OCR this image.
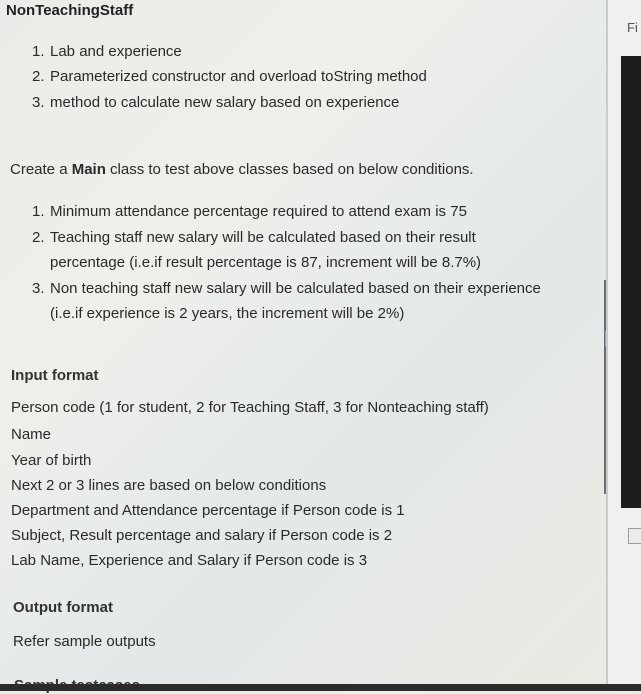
NonTeachingStaff
1. Lab and experience
2. Parameterized constructor and overload toString method
3. method to calculate new salary based on experience
Create a Main class to test above classes based on below conditions.
1. Minimum attendance percentage required to attend exam is 75
2. Teaching staff new salary will be calculated based on their result
percentage (i.e.if result percentage is 87, increment will be 8.7%)
3. Non teaching staff new salary will be calculated based on their experience
(i.e.if experience is 2 years, the increment will be 2%)
Input format
Person code (1 for student, 2 for Teaching Staff, 3 for Nonteaching staff)
Name
Year of birth
Next 2 or 3 lines are based on below conditions
Department and Attendance percentage if Person code is 1
Subject, Result percentage and salary if Person code is 2
Lab Name, Experience and Salary if Person code is 3
Output format
Refer sample outputs
Fi
